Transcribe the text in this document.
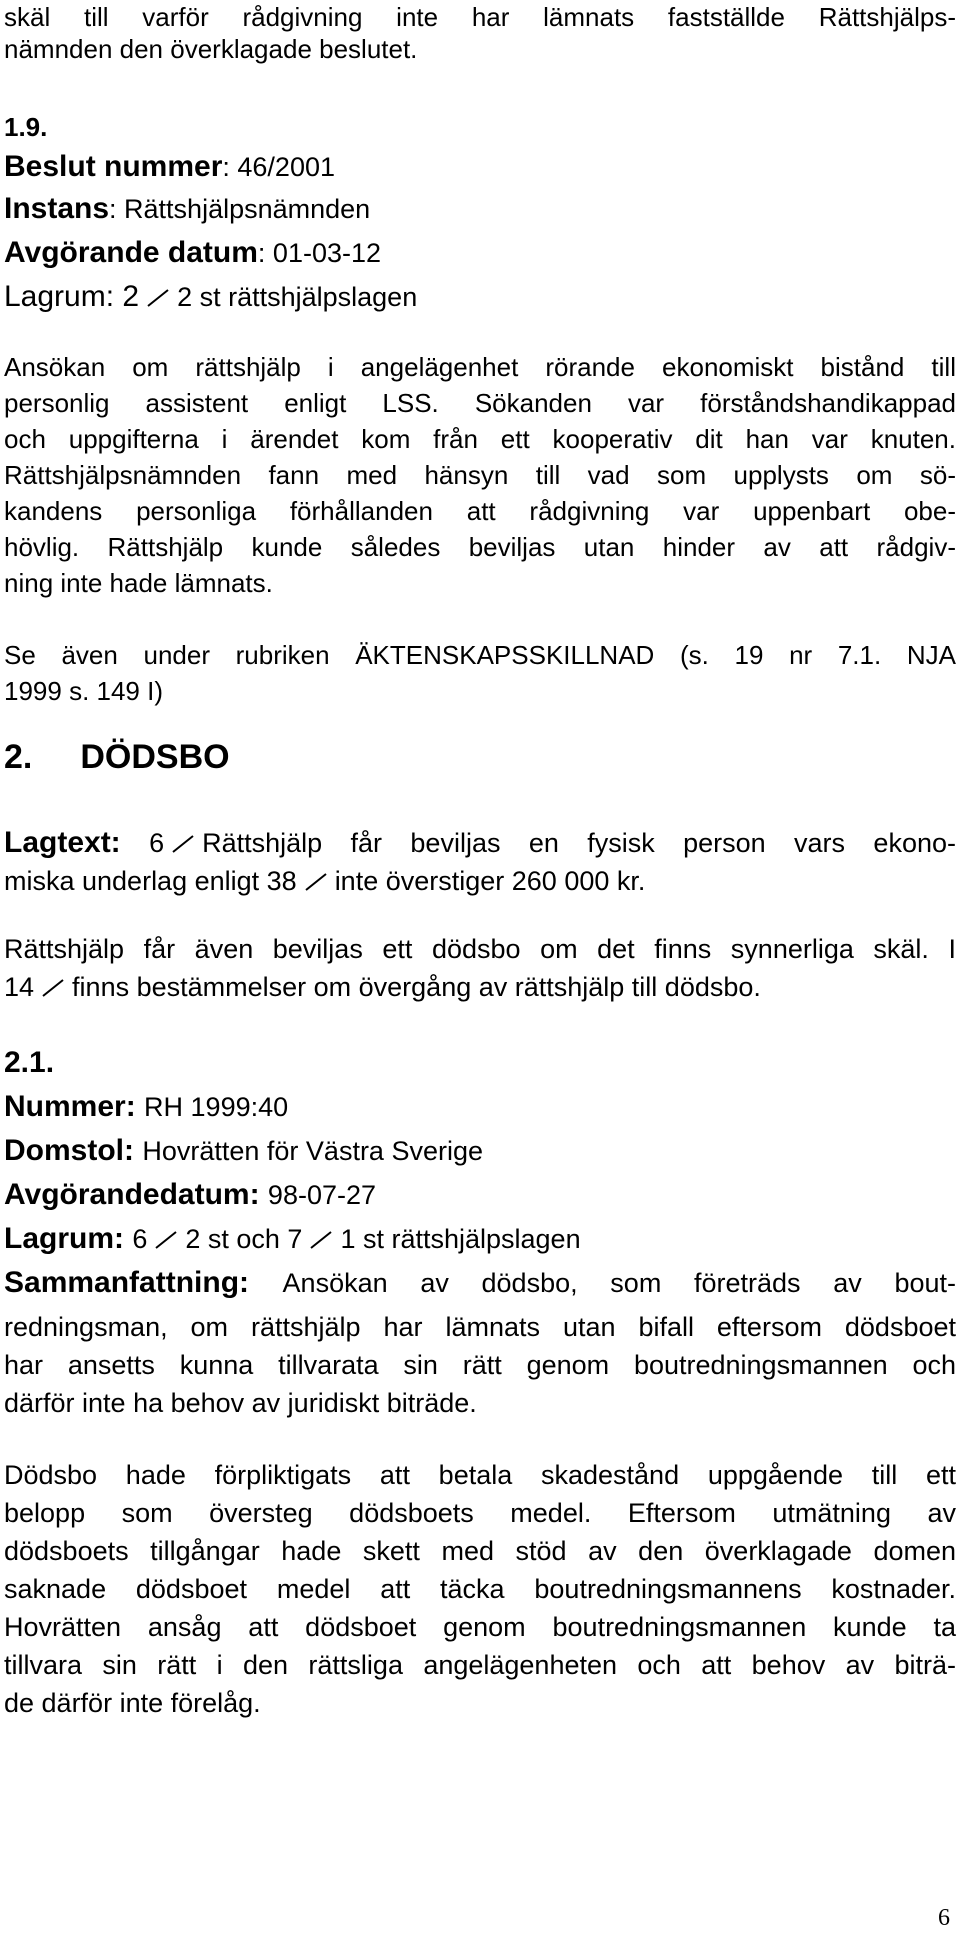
skäl till varför rådgivning inte har lämnats fastställde Rättshjälps-

nämnden den överklagade beslutet.

1.9.

Beslut nummer: 46/2001

Instans: Rättshjälpsnämnden

Avgörande datum: 01-03-12

Lagrum: 2 2 st rättshjälpslagen

Ansökan om rättshjälp i angelägenhet rörande ekonomiskt bistånd till

personlig assistent enligt LSS. Sökanden var förståndshandikappad

och uppgifterna i ärendet kom från ett kooperativ dit han var knuten.

Rättshjälpsnämnden fann med hänsyn till vad som upplysts om sö-

kandens personliga förhållanden att rådgivning var uppenbart obe-

hövlig. Rättshjälp kunde således beviljas utan hinder av att rådgiv-

ning inte hade lämnats.

Se även under rubriken ÄKTENSKAPSSKILLNAD (s. 19 nr 7.1. NJA

1999 s. 149 I)

2. DÖDSBO

Lagtext: 6 Rättshjälp får beviljas en fysisk person vars ekono-

miska underlag enligt 38 inte överstiger 260 000 kr.

Rättshjälp får även beviljas ett dödsbo om det finns synnerliga skäl. I

14 finns bestämmelser om övergång av rättshjälp till dödsbo.

2.1.

Nummer: RH 1999:40

Domstol: Hovrätten för Västra Sverige

Avgörandedatum: 98-07-27

Lagrum: 6 2 st och 7 1 st rättshjälpslagen

Sammanfattning: Ansökan av dödsbo, som företräds av bout-

redningsman, om rättshjälp har lämnats utan bifall eftersom dödsboet

har ansetts kunna tillvarata sin rätt genom boutredningsmannen och

därför inte ha behov av juridiskt biträde.

Dödsbo hade förpliktigats att betala skadestånd uppgående till ett

belopp som översteg dödsboets medel. Eftersom utmätning av

dödsboets tillgångar hade skett med stöd av den överklagade domen

saknade dödsboet medel att täcka boutredningsmannens kostnader.

Hovrätten ansåg att dödsboet genom boutredningsmannen kunde ta

tillvara sin rätt i den rättsliga angelägenheten och att behov av biträ-

de därför inte förelåg.

6
